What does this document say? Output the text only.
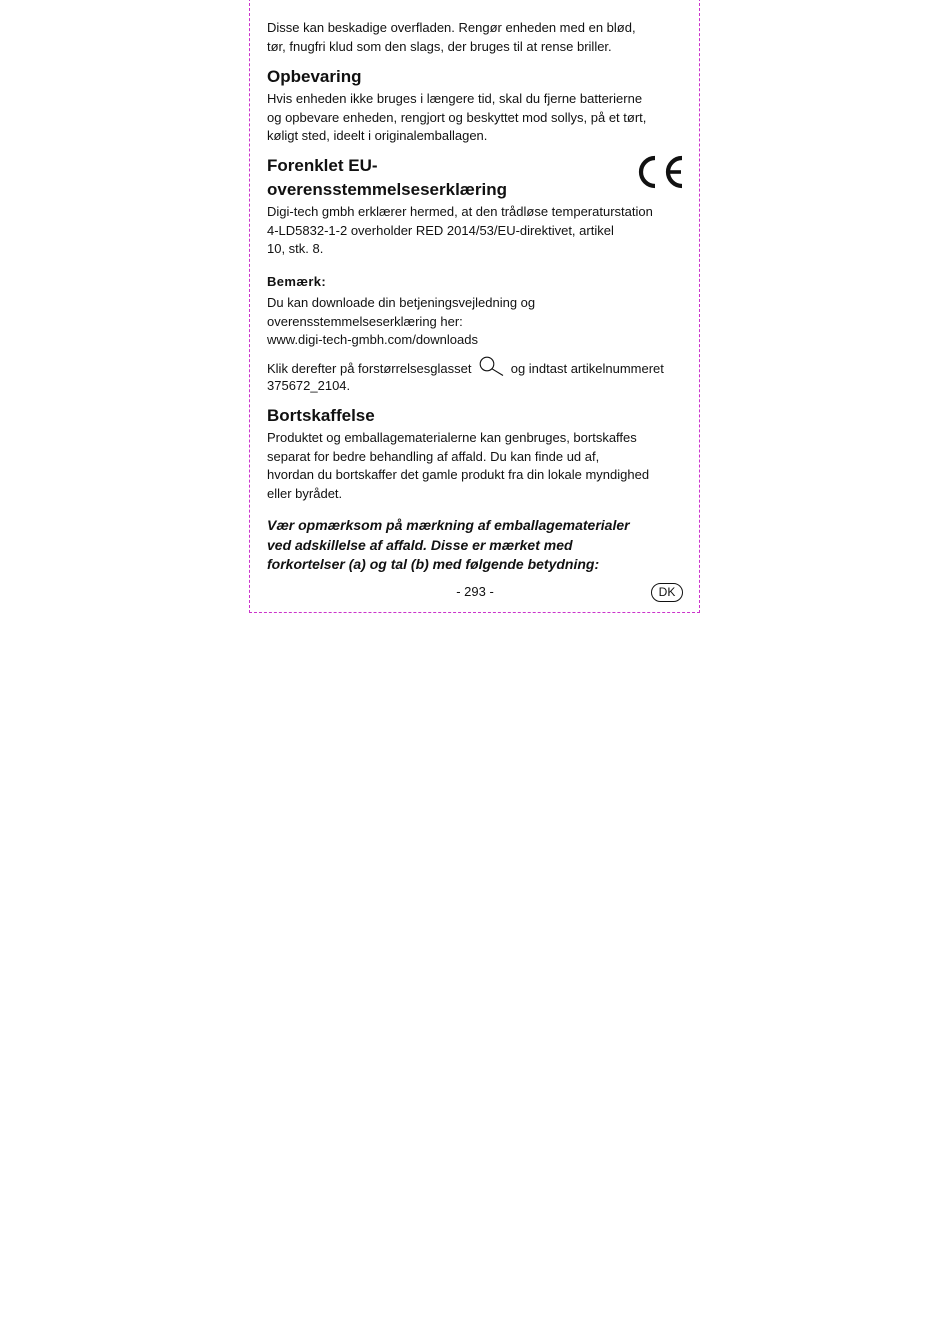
Disse kan beskadige overfladen. Rengør enheden med en blød,

tør, fnugfri klud som den slags, der bruges til at rense briller.

Opbevaring

Hvis enheden ikke bruges i længere tid, skal du fjerne batterierne

og opbevare enheden, rengjort og beskyttet mod sollys, på et tørt,

køligt sted, ideelt i originalemballagen.

Forenklet EU-
overensstemmelseserklæring

Digi-tech gmbh erklærer hermed, at den trådløse temperaturstation

4-LD5832-1-2 overholder RED 2014/53/EU-direktivet, artikel

10, stk. 8.

Bemærk:

Du kan downloade din betjeningsvejledning og

overensstemmelseserklæring her:

www.digi-tech-gmbh.com/downloads

Klik derefter på forstørrelsesglasset	og indtast artikelnummeret

375672_2104.

Bortskaffelse

Produktet og emballagematerialerne kan genbruges, bortskaffes

separat for bedre behandling af affald. Du kan finde ud af,

hvordan du bortskaffer det gamle produkt fra din lokale myndighed

eller byrådet.

Vær opmærksom på mærkning af emballagematerialer

ved adskillelse af affald. Disse er mærket med

forkortelser (a) og tal (b) med følgende betydning:

- 293 -	DK
